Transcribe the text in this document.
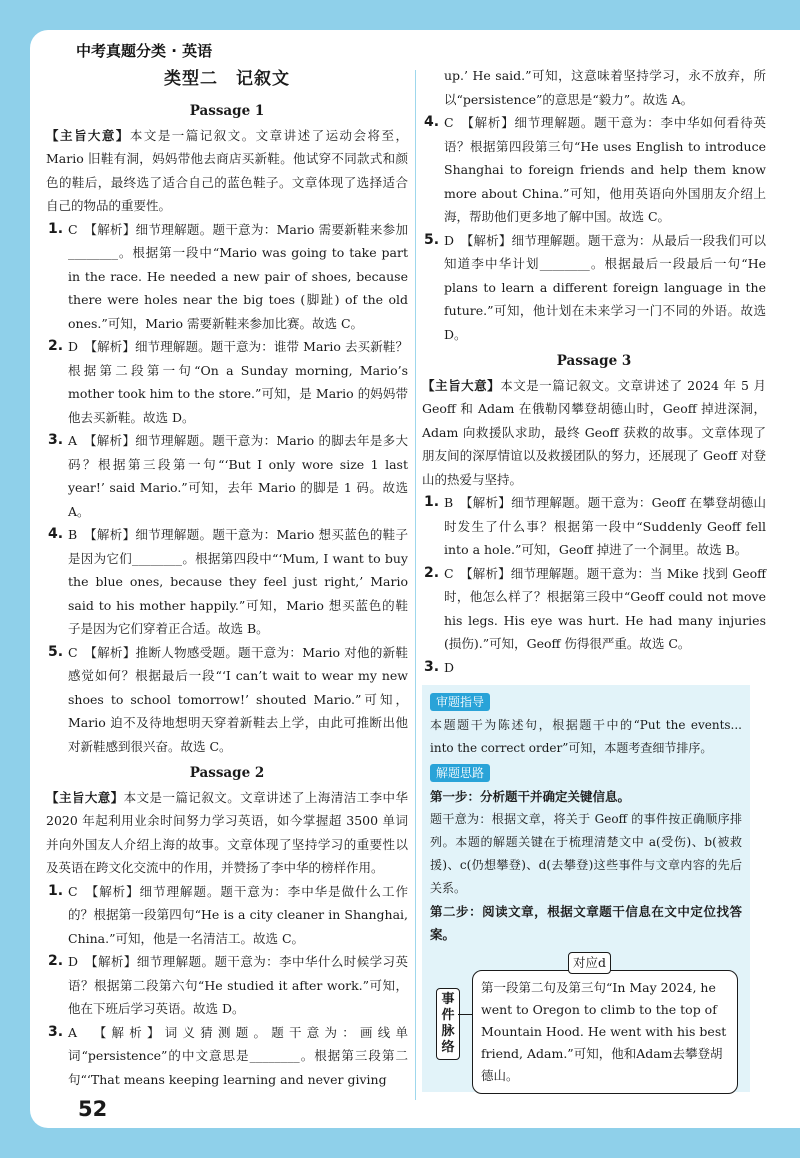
中考真题分类 · 英语
类型二　记叙文
Passage 1

【主旨大意】本文是一篇记叙文。文章讲述了运动会将至，Mario 旧鞋有洞，妈妈带他去商店买新鞋。他试穿不同款式和颜色的鞋后，最终选了适合自己的蓝色鞋子。文章体现了选择适合自己的物品的重要性。

1. C　【解析】细节理解题。题干意为：Mario 需要新鞋来参加________。根据第一段中“Mario was going to take part in the race. He needed a new pair of shoes, because there were holes near the big toes (脚趾) of the old ones.”可知，Mario 需要新鞋来参加比赛。故选 C。
2. D　【解析】细节理解题。题干意为：谁带 Mario 去买新鞋？根据第二段第一句“On a Sunday morning, Mario’s mother took him to the store.”可知，是 Mario 的妈妈带他去买新鞋。故选 D。
3. A　【解析】细节理解题。题干意为：Mario 的脚去年是多大码？根据第三段第一句“‘But I only wore size 1 last year!’ said Mario.”可知，去年 Mario 的脚是 1 码。故选 A。
4. B　【解析】细节理解题。题干意为：Mario 想买蓝色的鞋子是因为它们________。根据第四段中“‘Mum, I want to buy the blue ones, because they feel just right,’ Mario said to his mother happily.”可知，Mario 想买蓝色的鞋子是因为它们穿着正合适。故选 B。
5. C　【解析】推断人物感受题。题干意为：Mario 对他的新鞋感觉如何？根据最后一段“‘I can’t wait to wear my new shoes to school tomorrow!’ shouted Mario.”可知，Mario 迫不及待地想明天穿着新鞋去上学，由此可推断出他对新鞋感到很兴奋。故选 C。
Passage 2

【主旨大意】本文是一篇记叙文。文章讲述了上海清洁工李中华 2020 年起利用业余时间努力学习英语，如今掌握超 3500 单词并向外国友人介绍上海的故事。文章体现了坚持学习的重要性以及英语在跨文化交流中的作用，并赞扬了李中华的榜样作用。

1. C　【解析】细节理解题。题干意为：李中华是做什么工作的？根据第一段第四句“He is a city cleaner in Shanghai, China.”可知，他是一名清洁工。故选 C。
2. D　【解析】细节理解题。题干意为：李中华什么时候学习英语？根据第二段第六句“He studied it after work.”可知，他在下班后学习英语。故选 D。
3. A　【解析】词义猜测题。题干意为：画线单词“persistence”的中文意思是________。根据第三段第二句“‘That means keeping learning and never giving

up.’ He said.”可知，这意味着坚持学习，永不放弃，所以“persistence”的意思是“毅力”。故选 A。

4. C　【解析】细节理解题。题干意为：李中华如何看待英语？根据第四段第三句“He uses English to introduce Shanghai to foreign friends and help them know more about China.”可知，他用英语向外国朋友介绍上海，帮助他们更多地了解中国。故选 C。
5. D　【解析】细节理解题。题干意为：从最后一段我们可以知道李中华计划________。根据最后一段最后一句“He plans to learn a different foreign language in the future.”可知，他计划在未来学习一门不同的外语。故选 D。
Passage 3

【主旨大意】本文是一篇记叙文。文章讲述了 2024 年 5 月 Geoff 和 Adam 在俄勒冈攀登胡德山时，Geoff 掉进深洞，Adam 向救援队求助，最终 Geoff 获救的故事。文章体现了朋友间的深厚情谊以及救援团队的努力，还展现了 Geoff 对登山的热爱与坚持。

1. B　【解析】细节理解题。题干意为：Geoff 在攀登胡德山时发生了什么事？根据第一段中“Suddenly Geoff fell into a hole.”可知，Geoff 掉进了一个洞里。故选 B。
2. C　【解析】细节理解题。题干意为：当 Mike 找到 Geoff 时，他怎么样了？根据第三段中“Geoff could not move his legs. His eye was hurt. He had many injuries (损伤).”可知，Geoff 伤得很严重。故选 C。
3. D
审题指导

本题题干为陈述句，根据题干中的“Put the events... into the correct order”可知，本题考查细节排序。

解题思路

第一步：分析题干并确定关键信息。

题干意为：根据文章，将关于 Geoff 的事件按正确顺序排列。本题的解题关键在于梳理清楚文中 a(受伤)、b(被救援)、c(仍想攀登)、d(去攀登)这些事件与文章内容的先后关系。

第二步：阅读文章，根据文章题干信息在文中定位找答案。

对应d
事件脉络
第一段第二句及第三句“In May 2024, he went to Oregon to climb to the top of Mountain Hood. He went with his best friend, Adam.”可知，他和Adam去攀登胡德山。
52
